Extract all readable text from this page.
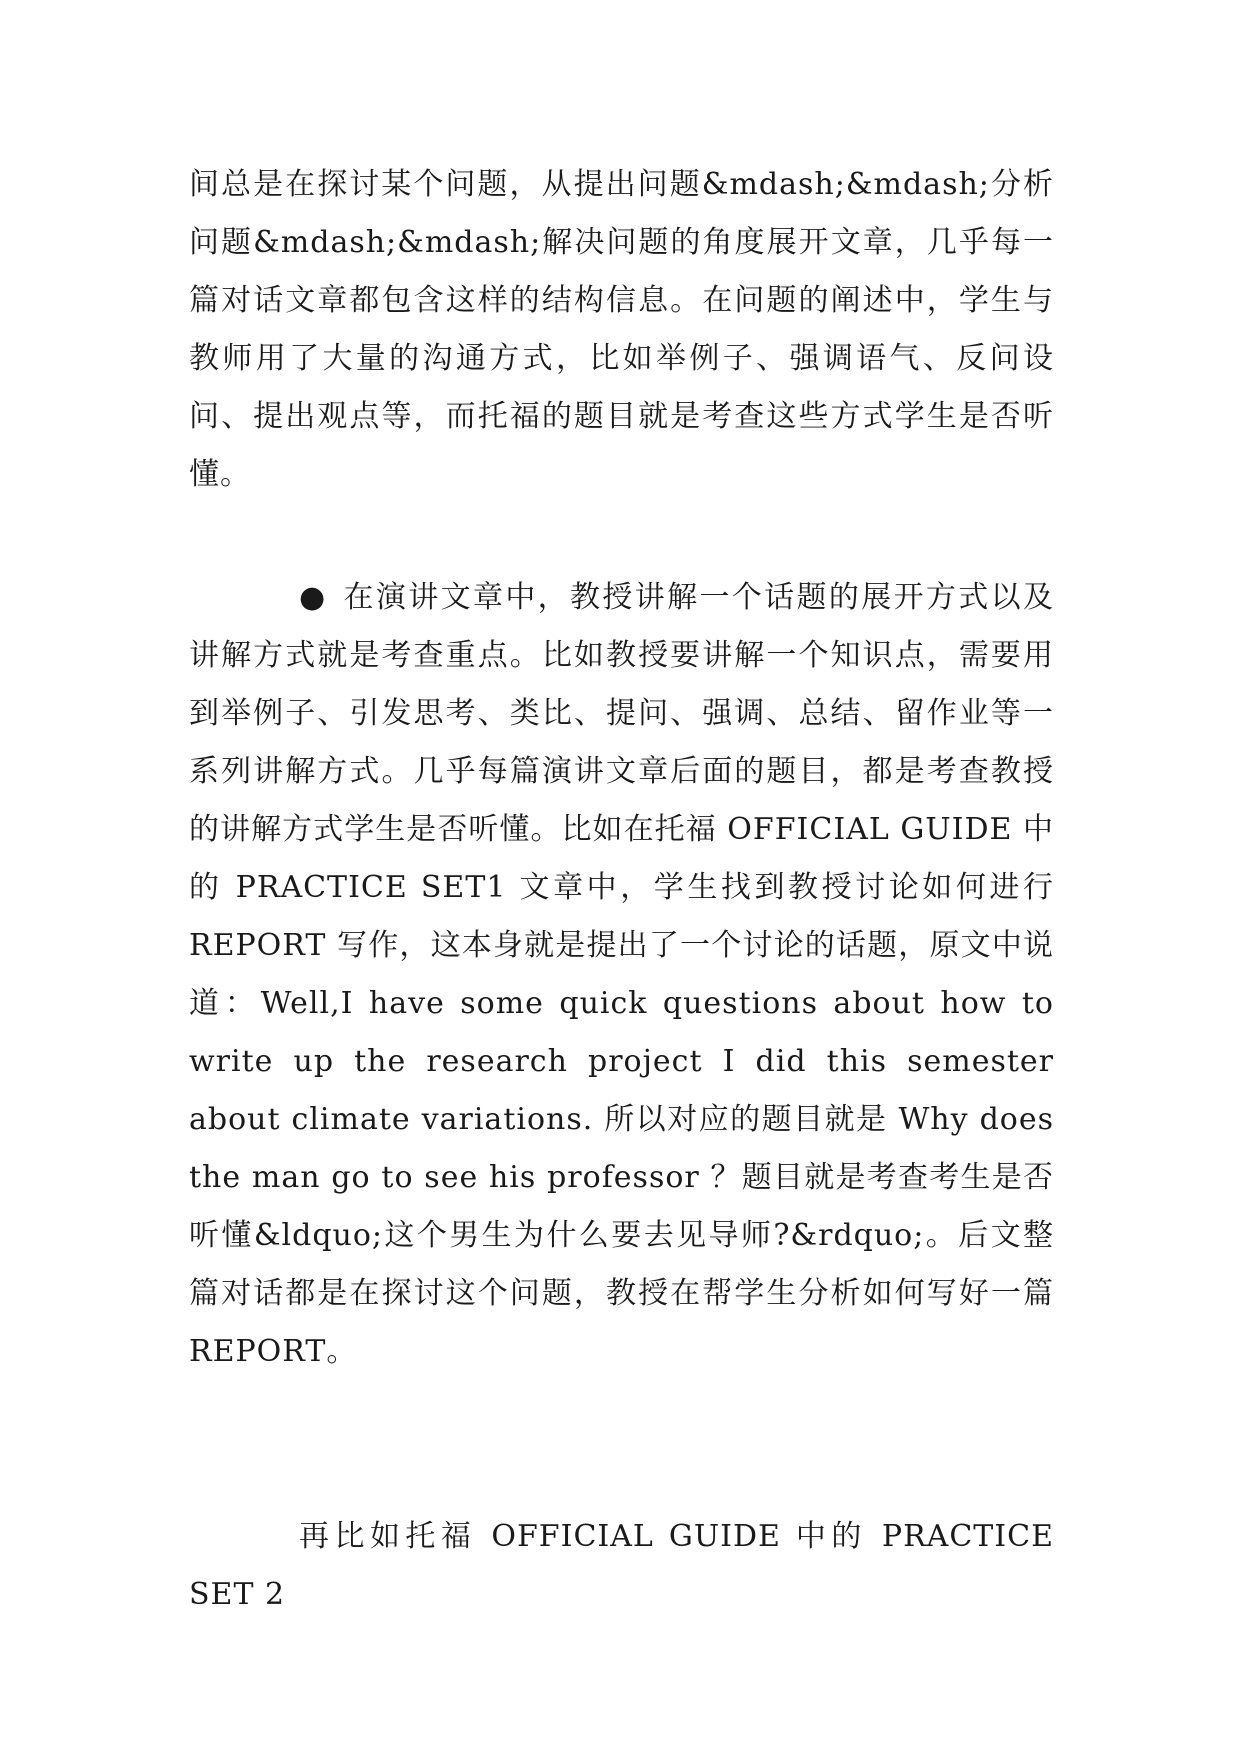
间总是在探讨某个问题，从提出问题&mdash;&mdash;分析问题&mdash;&mdash;解决问题的角度展开文章，几乎每一篇对话文章都包含这样的结构信息。在问题的阐述中，学生与教师用了大量的沟通方式，比如举例子、强调语气、反问设问、提出观点等，而托福的题目就是考查这些方式学生是否听懂。

● 在演讲文章中，教授讲解一个话题的展开方式以及讲解方式就是考查重点。比如教授要讲解一个知识点，需要用到举例子、引发思考、类比、提问、强调、总结、留作业等一系列讲解方式。几乎每篇演讲文章后面的题目，都是考查教授的讲解方式学生是否听懂。比如在托福 OFFICIAL GUIDE 中的 PRACTICE SET1 文章中，学生找到教授讨论如何进行 REPORT 写作，这本身就是提出了一个讨论的话题，原文中说道：Well,I have some quick questions about how to write up the research project I did this semester about climate variations. 所以对应的题目就是 Why does the man go to see his professor ？题目就是考查考生是否听懂&ldquo;这个男生为什么要去见导师?&rdquo;。后文整篇对话都是在探讨这个问题，教授在帮学生分析如何写好一篇 REPORT。

再比如托福 OFFICIAL GUIDE 中的 PRACTICE SET 2
